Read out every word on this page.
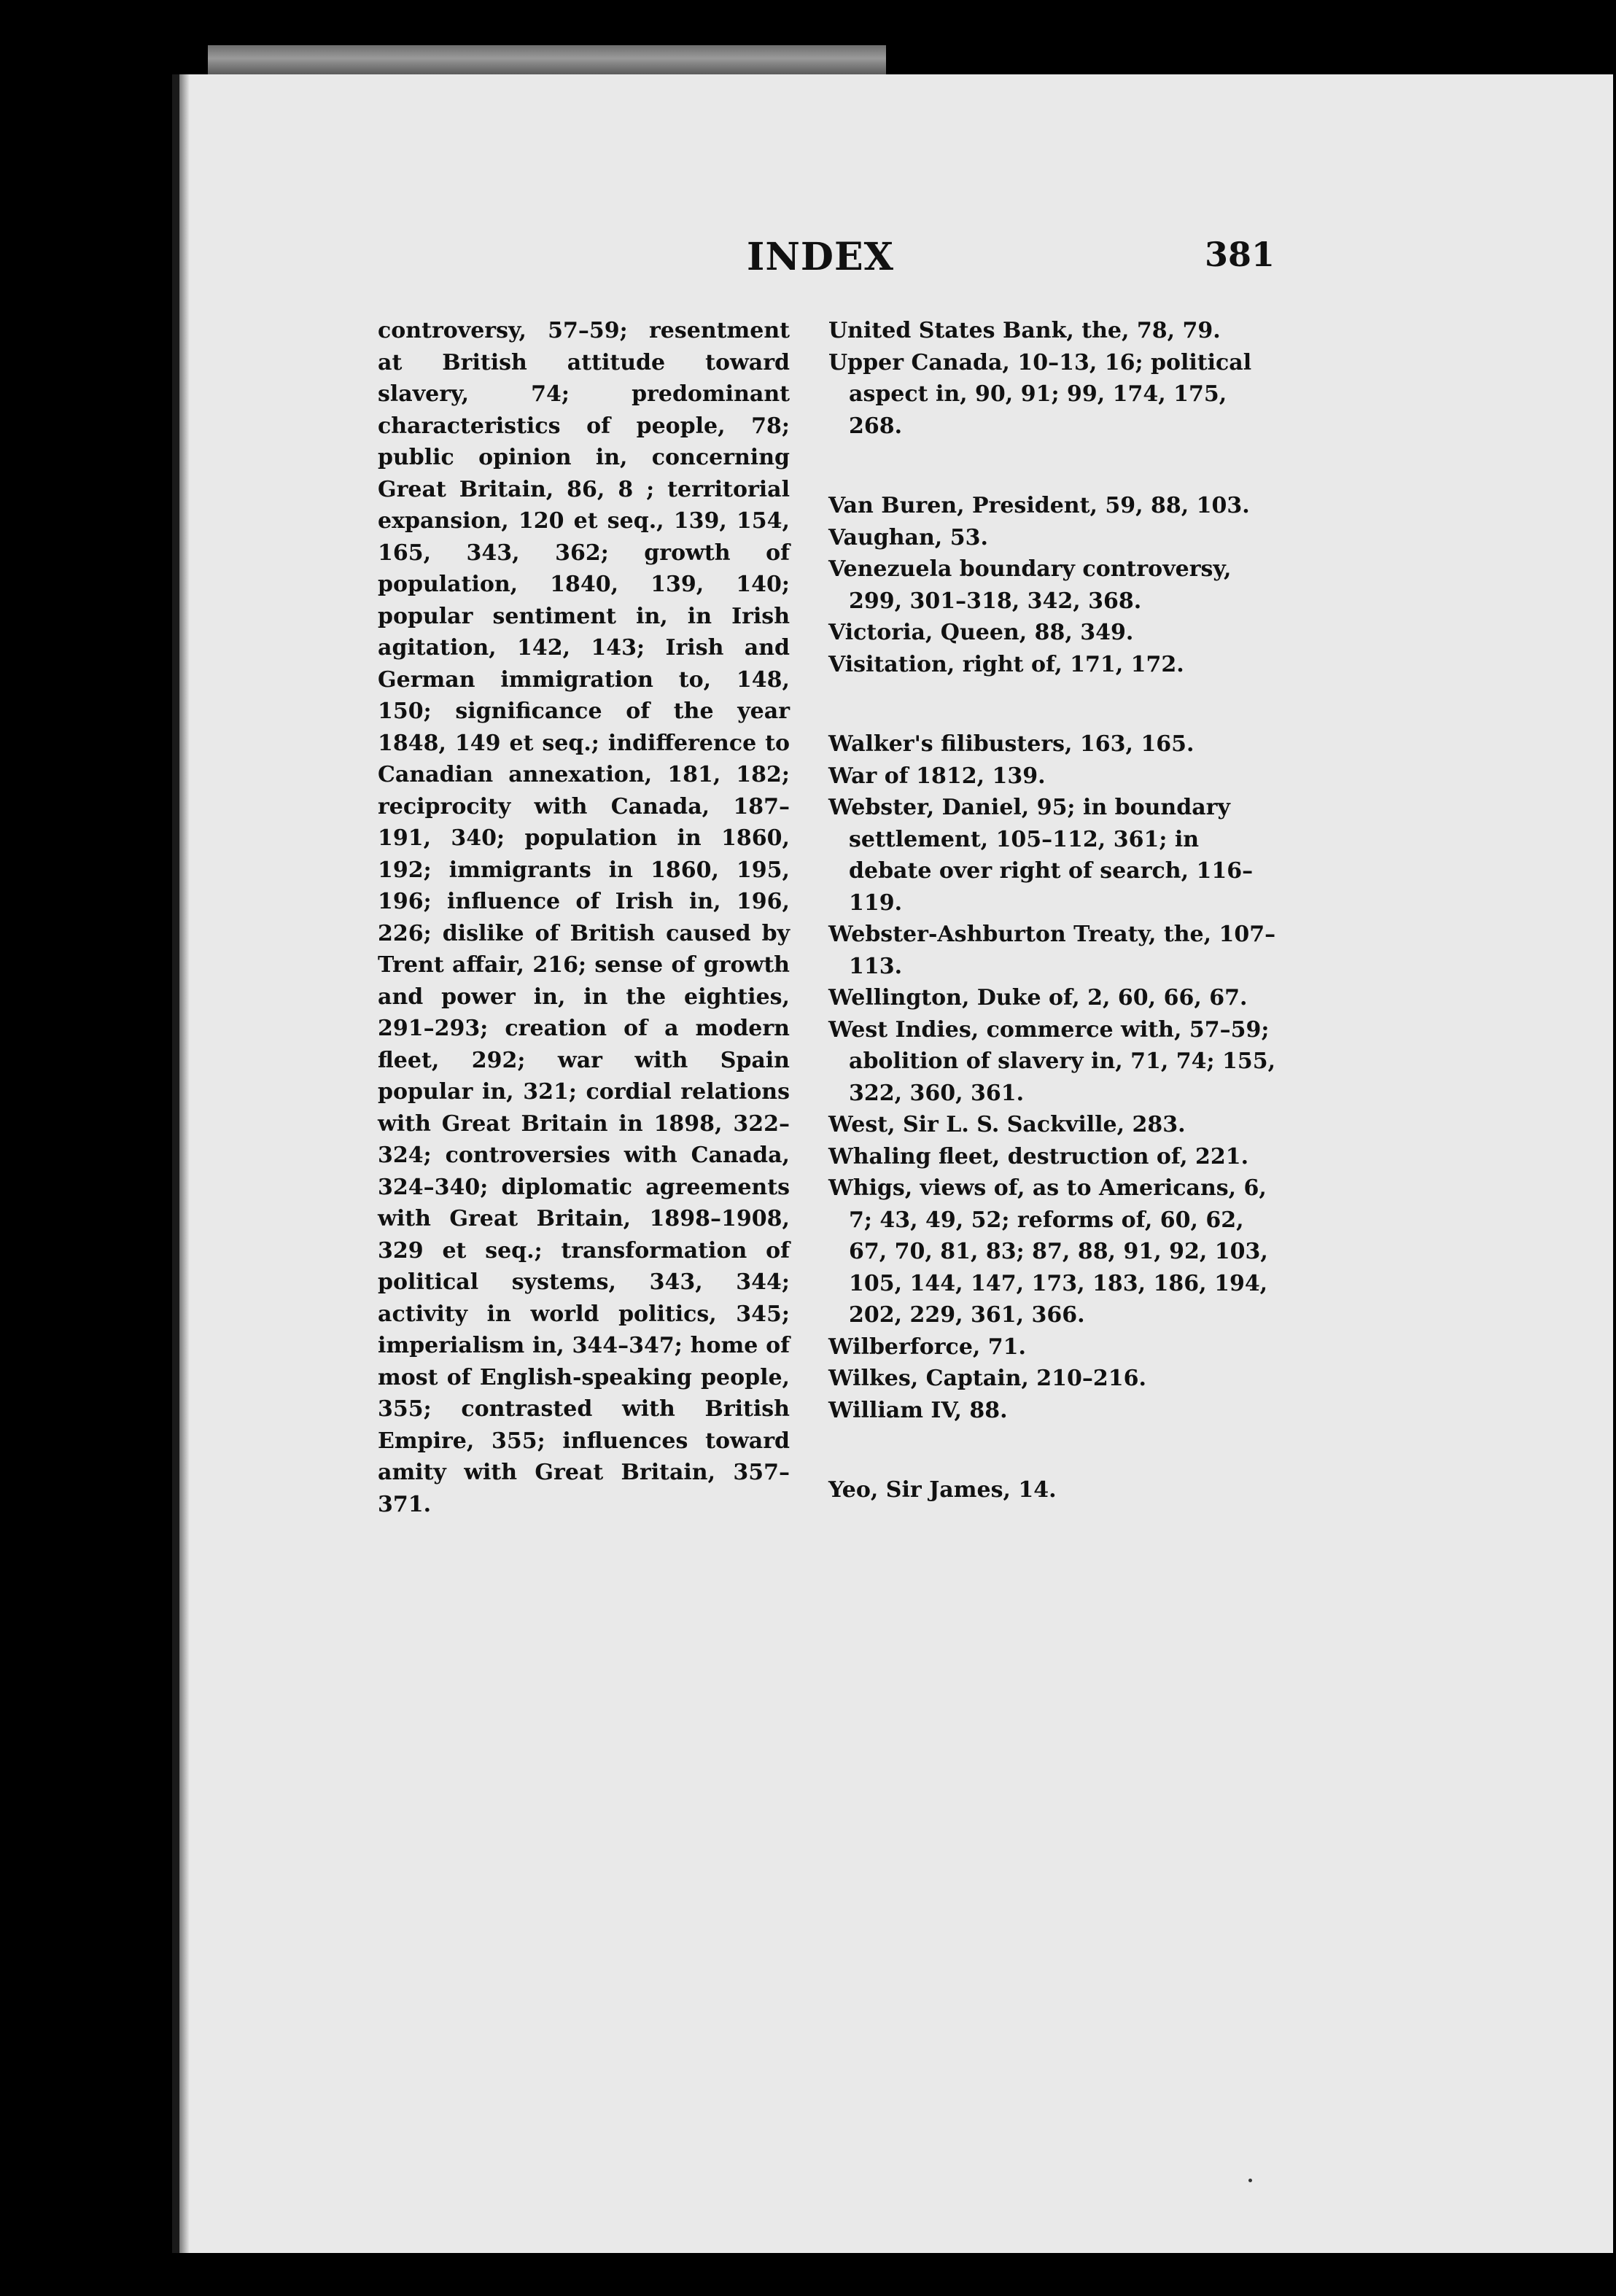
INDEX	381

controversy, 57–59; resentment at British attitude toward slavery, 74; predominant characteristics of people, 78; public opinion in, concerning Great Britain, 86, 8 ; territorial expansion, 120 et seq., 139, 154, 165, 343, 362; growth of population, 1840, 139, 140; popular sentiment in, in Irish agitation, 142, 143; Irish and German immigration to, 148, 150; significance of the year 1848, 149 et seq.; indifference to Canadian annexation, 181, 182; reciprocity with Canada, 187–191, 340; population in 1860, 192; immigrants in 1860, 195, 196; influence of Irish in, 196, 226; dislike of British caused by Trent affair, 216; sense of growth and power in, in the eighties, 291–293; creation of a modern fleet, 292; war with Spain popular in, 321; cordial relations with Great Britain in 1898, 322–324; controversies with Canada, 324–340; diplomatic agreements with Great Britain, 1898–1908, 329 et seq.; transformation of political systems, 343, 344; activity in world politics, 345; imperialism in, 344–347; home of most of English-speaking people, 355; contrasted with British Empire, 355; influences toward amity with Great Britain, 357–371.

United States Bank, the, 78, 79.

Upper Canada, 10–13, 16; political aspect in, 90, 91; 99, 174, 175, 268.

Van Buren, President, 59, 88, 103.

Vaughan, 53.

Venezuela boundary controversy, 299, 301–318, 342, 368.

Victoria, Queen, 88, 349.

Visitation, right of, 171, 172.

Walker's filibusters, 163, 165.

War of 1812, 139.

Webster, Daniel, 95; in boundary settlement, 105–112, 361; in debate over right of search, 116–119.

Webster-Ashburton Treaty, the, 107–113.

Wellington, Duke of, 2, 60, 66, 67.

West Indies, commerce with, 57–59; abolition of slavery in, 71, 74; 155, 322, 360, 361.

West, Sir L. S. Sackville, 283.

Whaling fleet, destruction of, 221.

Whigs, views of, as to Americans, 6, 7; 43, 49, 52; reforms of, 60, 62, 67, 70, 81, 83; 87, 88, 91, 92, 103, 105, 144, 147, 173, 183, 186, 194, 202, 229, 361, 366.

Wilberforce, 71.

Wilkes, Captain, 210–216.

William IV, 88.

Yeo, Sir James, 14.
